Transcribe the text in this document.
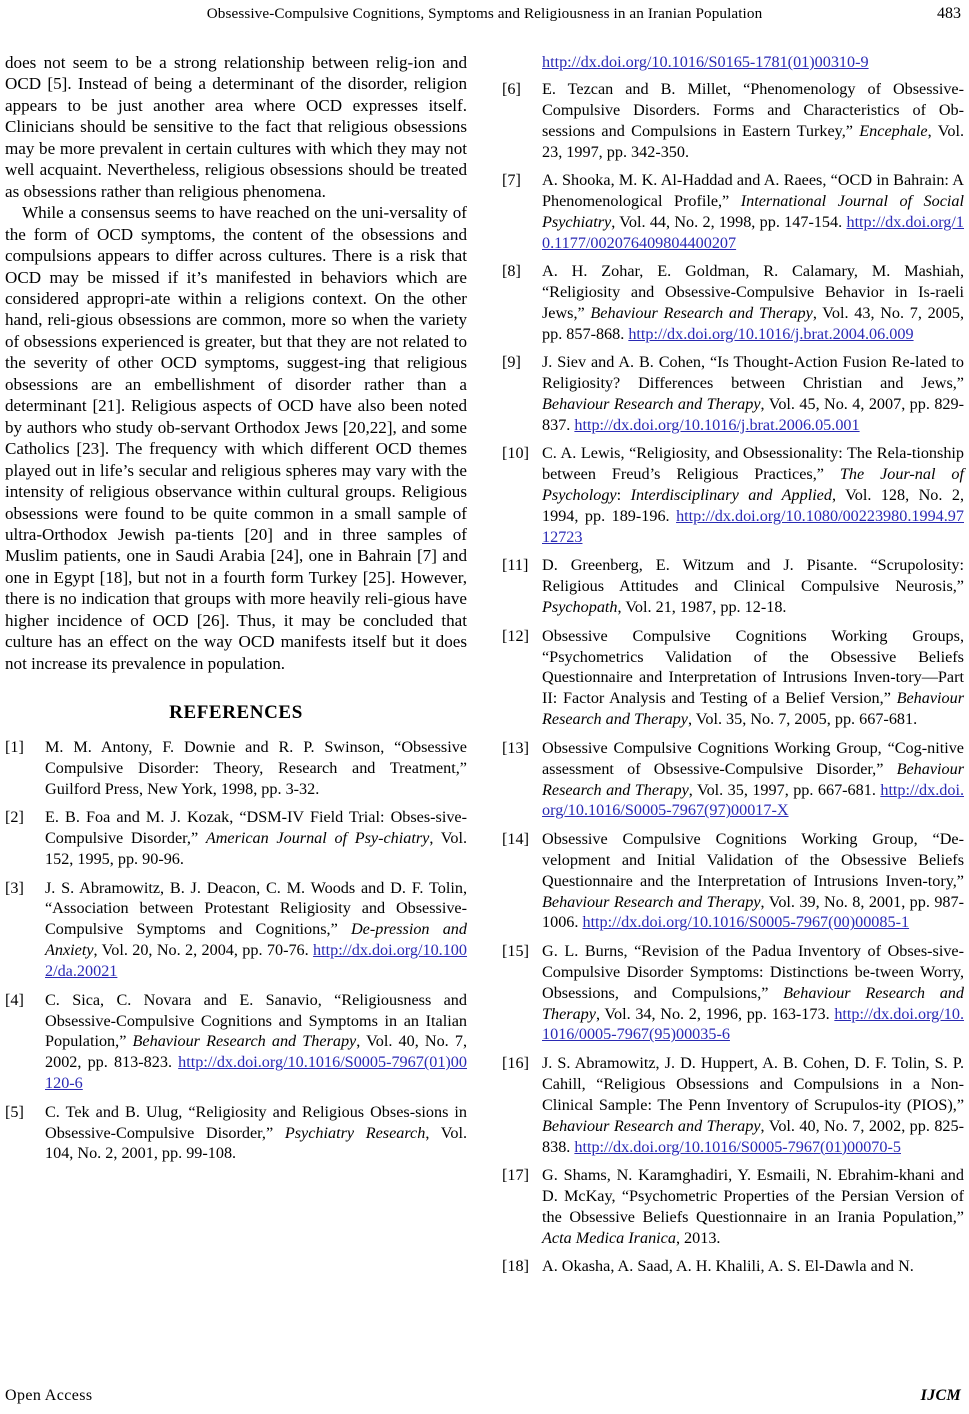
Obsessive-Compulsive Cognitions, Symptoms and Religiousness in an Iranian Population	483

does not seem to be a strong relationship between relig-ion and OCD [5]. Instead of being a determinant of the disorder, religion appears to be just another area where OCD expresses itself. Clinicians should be sensitive to the fact that religious obsessions may be more prevalent in certain cultures with which they may not well acquaint. Nevertheless, religious obsessions should be treated as obsessions rather than religious phenomena.

While a consensus seems to have reached on the uni-versality of the form of OCD symptoms, the content of the obsessions and compulsions appears to differ across cultures. There is a risk that OCD may be missed if it’s manifested in behaviors which are considered appropri-ate within a religions context. On the other hand, reli-gious obsessions are common, more so when the variety of obsessions experienced is greater, but that they are not related to the severity of other OCD symptoms, suggest-ing that religious obsessions are an embellishment of disorder rather than a determinant [21]. Religious aspects of OCD have also been noted by authors who study ob-servant Orthodox Jews [20,22], and some Catholics [23]. The frequency with which different OCD themes played out in life’s secular and religious spheres may vary with the intensity of religious observance within cultural groups. Religious obsessions were found to be quite common in a small sample of ultra-Orthodox Jewish pa-tients [20] and in three samples of Muslim patients, one in Saudi Arabia [24], one in Bahrain [7] and one in Egypt [18], but not in a fourth form Turkey [25]. However, there is no indication that groups with more heavily reli-gious have higher incidence of OCD [26]. Thus, it may be concluded that culture has an effect on the way OCD manifests itself but it does not increase its prevalence in population.

REFERENCES
[1]	M. M. Antony, F. Downie and R. P. Swinson, “Obsessive Compulsive Disorder: Theory, Research and Treatment,” Guilford Press, New York, 1998, pp. 3-32.
[2]	E. B. Foa and M. J. Kozak, “DSM-IV Field Trial: Obses-sive-Compulsive Disorder,” American Journal of Psy-chiatry, Vol. 152, 1995, pp. 90-96.
[3]	J. S. Abramowitz, B. J. Deacon, C. M. Woods and D. F. Tolin, “Association between Protestant Religiosity and Obsessive-Compulsive Symptoms and Cognitions,” De-pression and Anxiety, Vol. 20, No. 2, 2004, pp. 70-76. http://dx.doi.org/10.1002/da.20021
[4]	C. Sica, C. Novara and E. Sanavio, “Religiousness and Obsessive-Compulsive Cognitions and Symptoms in an Italian Population,” Behaviour Research and Therapy, Vol. 40, No. 7, 2002, pp. 813-823. http://dx.doi.org/10.1016/S0005-7967(01)00120-6
[5]	C. Tek and B. Ulug, “Religiosity and Religious Obses-sions in Obsessive-Compulsive Disorder,” Psychiatry Research, Vol. 104, No. 2, 2001, pp. 99-108.
http://dx.doi.org/10.1016/S0165-1781(01)00310-9
[6]	E. Tezcan and B. Millet, “Phenomenology of Obsessive-Compulsive Disorders. Forms and Characteristics of Ob-sessions and Compulsions in Eastern Turkey,” Encephale, Vol. 23, 1997, pp. 342-350.
[7]	A. Shooka, M. K. Al-Haddad and A. Raees, “OCD in Bahrain: A Phenomenological Profile,” International Journal of Social Psychiatry, Vol. 44, No. 2, 1998, pp. 147-154. http://dx.doi.org/10.1177/002076409804400207
[8]	A. H. Zohar, E. Goldman, R. Calamary, M. Mashiah, “Religiosity and Obsessive-Compulsive Behavior in Is-raeli Jews,” Behaviour Research and Therapy, Vol. 43, No. 7, 2005, pp. 857-868. http://dx.doi.org/10.1016/j.brat.2004.06.009
[9]	J. Siev and A. B. Cohen, “Is Thought-Action Fusion Re-lated to Religiosity? Differences between Christian and Jews,” Behaviour Research and Therapy, Vol. 45, No. 4, 2007, pp. 829-837. http://dx.doi.org/10.1016/j.brat.2006.05.001
[10] C. A. Lewis, “Religiosity, and Obsessionality: The Rela-tionship between Freud’s Religious Practices,” The Jour-nal of Psychology: Interdisciplinary and Applied, Vol. 128, No. 2, 1994, pp. 189-196. http://dx.doi.org/10.1080/00223980.1994.9712723
[11] D. Greenberg, E. Witzum and J. Pisante. “Scrupolosity: Religious Attitudes and Clinical Compulsive Neurosis,” Psychopath, Vol. 21, 1987, pp. 12-18.
[12] Obsessive Compulsive Cognitions Working Groups, “Psychometrics Validation of the Obsessive Beliefs Questionnaire and Interpretation of Intrusions Inven-tory—Part II: Factor Analysis and Testing of a Belief Version,” Behaviour Research and Therapy, Vol. 35, No. 7, 2005, pp. 667-681.
[13] Obsessive Compulsive Cognitions Working Group, “Cog-nitive assessment of Obsessive-Compulsive Disorder,” Behaviour Research and Therapy, Vol. 35, 1997, pp. 667-681. http://dx.doi.org/10.1016/S0005-7967(97)00017-X
[14] Obsessive Compulsive Cognitions Working Group, “De-velopment and Initial Validation of the Obsessive Beliefs Questionnaire and the Interpretation of Intrusions Inven-tory,” Behaviour Research and Therapy, Vol. 39, No. 8, 2001, pp. 987-1006. http://dx.doi.org/10.1016/S0005-7967(00)00085-1
[15] G. L. Burns, “Revision of the Padua Inventory of Obses-sive-Compulsive Disorder Symptoms: Distinctions be-tween Worry, Obsessions, and Compulsions,” Behaviour Research and Therapy, Vol. 34, No. 2, 1996, pp. 163-173. http://dx.doi.org/10.1016/0005-7967(95)00035-6
[16] J. S. Abramowitz, J. D. Huppert, A. B. Cohen, D. F. Tolin, S. P. Cahill, “Religious Obsessions and Compulsions in a Non-Clinical Sample: The Penn Inventory of Scrupulos-ity (PIOS),” Behaviour Research and Therapy, Vol. 40, No. 7, 2002, pp. 825-838. http://dx.doi.org/10.1016/S0005-7967(01)00070-5
[17] G. Shams, N. Karamghadiri, Y. Esmaili, N. Ebrahim-khani and D. McKay, “Psychometric Properties of the Persian Version of the Obsessive Beliefs Questionnaire in an Irania Population,” Acta Medica Iranica, 2013.
[18] A. Okasha, A. Saad, A. H. Khalili, A. S. El-Dawla and N.
Open Access	IJCM
